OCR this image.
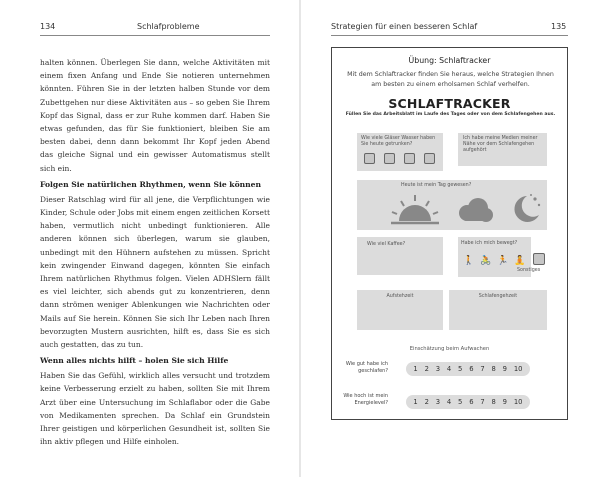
134	Schlafprobleme

halten können. Überlegen Sie dann, welche Aktivitäten mit einem fixen Anfang und Ende Sie notieren unternehmen könnten. Führen Sie in der letzten halben Stunde vor dem Zubettgehen nur diese Aktivitäten aus – so geben Sie Ihrem Kopf das Signal, dass er zur Ruhe kommen darf. Haben Sie etwas gefunden, das für Sie funktioniert, bleiben Sie am besten dabei, denn dann bekommt Ihr Kopf jeden Abend das gleiche Signal und ein gewisser Automatismus stellt sich ein.

Folgen Sie natürlichen Rhythmen, wenn Sie können

Dieser Ratschlag wird für all jene, die Verpflichtungen wie Kinder, Schule oder Jobs mit einem engen zeitlichen Korsett haben, vermutlich nicht unbedingt funktionieren. Alle anderen können sich überlegen, warum sie glauben, unbedingt mit den Hühnern aufstehen zu müssen. Spricht kein zwingender Einwand dagegen, könnten Sie einfach Ihrem natürlichen Rhythmus folgen. Vielen ADHSlern fällt es viel leichter, sich abends gut zu konzentrieren, denn dann strömen weniger Ablenkungen wie Nachrichten oder Mails auf Sie herein. Können Sie sich Ihr Leben nach Ihren bevorzugten Mustern ausrichten, hilft es, dass Sie es sich auch gestatten, das zu tun.

Wenn alles nichts hilft – holen Sie sich Hilfe

Haben Sie das Gefühl, wirklich alles versucht und trotzdem keine Verbesserung erzielt zu haben, sollten Sie mit Ihrem Arzt über eine Untersuchung im Schlaflabor oder die Gabe von Medikamenten sprechen. Da Schlaf ein Grundstein Ihrer geistigen und körperlichen Gesundheit ist, sollten Sie ihn aktiv pflegen und Hilfe einholen.

Strategien für einen besseren Schlaf	135
Übung: Schlaftracker
Mit dem Schlaftracker finden Sie heraus, welche Strategien Ihnen am besten zu einem erholsamen Schlaf verhelfen.
SCHLAFTRACKER
Füllen Sie das Arbeitsblatt im Laufe des Tages oder von dem Schlafengehen aus.
Wie viele Gläser Wasser haben Sie heute getrunken?
Ich habe meine Medien meiner Nähe vor dem Schlafengehen aufgehört
Heute ist mein Tag gewesen?
Wie viel Kaffee?	Habe ich mich bewegt?
🚶 🚴 🏃 🧘
Sonstiges
Aufstehzeit	Schlafengehzeit
Einschätzung beim Aufwachen
Wie gut habe ich geschlafen?	1 2 3 4 5 6 7 8 9 10
Wie hoch ist mein Energielevel?	1 2 3 4 5 6 7 8 9 10
